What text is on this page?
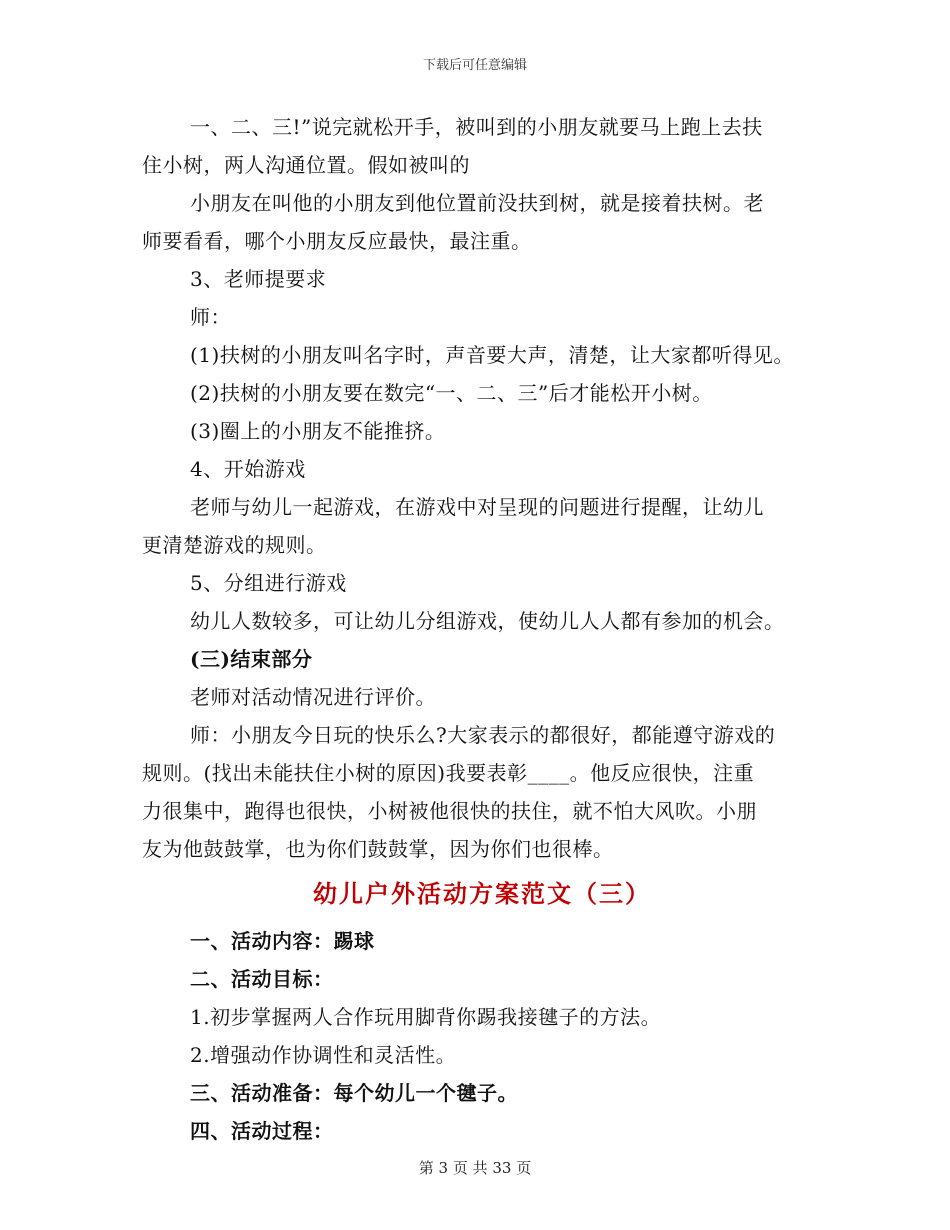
下载后可任意编辑
一、二、三!”说完就松开手，被叫到的小朋友就要马上跑上去扶
住小树，两人沟通位置。假如被叫的
小朋友在叫他的小朋友到他位置前没扶到树，就是接着扶树。老
师要看看，哪个小朋友反应最快，最注重。
3、老师提要求
师：
(1)扶树的小朋友叫名字时，声音要大声，清楚，让大家都听得见。
(2)扶树的小朋友要在数完“一、二、三”后才能松开小树。
(3)圈上的小朋友不能推挤。
4、开始游戏
老师与幼儿一起游戏，在游戏中对呈现的问题进行提醒，让幼儿
更清楚游戏的规则。
5、分组进行游戏
幼儿人数较多，可让幼儿分组游戏，使幼儿人人都有参加的机会。
(三)结束部分
老师对活动情况进行评价。
师：小朋友今日玩的快乐么?大家表示的都很好，都能遵守游戏的
规则。(找出未能扶住小树的原因)我要表彰____。他反应很快，注重
力很集中，跑得也很快，小树被他很快的扶住，就不怕大风吹。小朋
友为他鼓鼓掌，也为你们鼓鼓掌，因为你们也很棒。
幼儿户外活动方案范文（三）
一、活动内容：踢球
二、活动目标：
1.初步掌握两人合作玩用脚背你踢我接毽子的方法。
2.增强动作协调性和灵活性。
三、活动准备：每个幼儿一个毽子。
四、活动过程：
第 3 页 共 33 页
